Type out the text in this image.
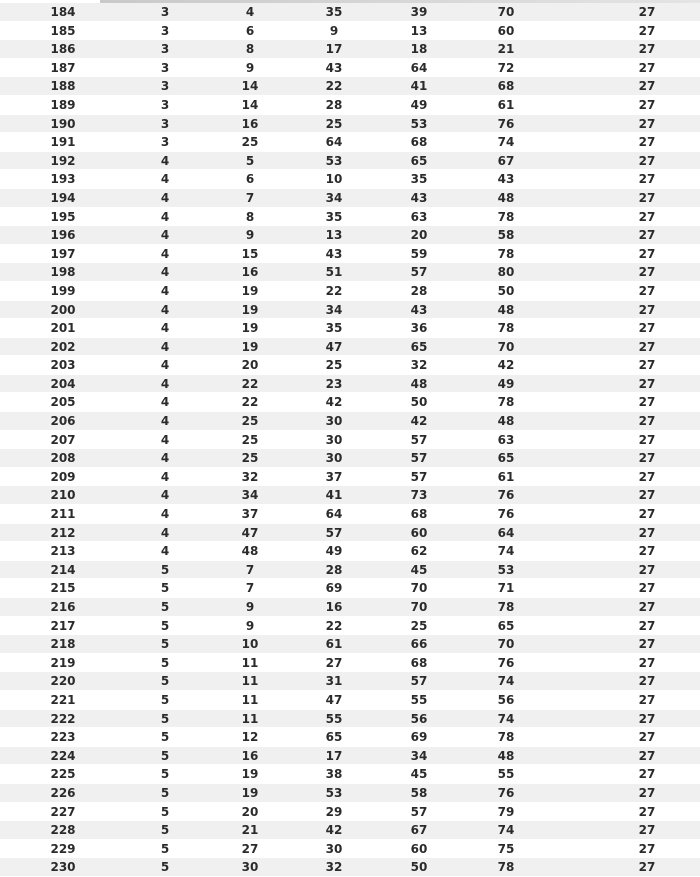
184	3	4	35	39	70	27
185	3	6	9	13	60	27
186	3	8	17	18	21	27
187	3	9	43	64	72	27
188	3	14	22	41	68	27
189	3	14	28	49	61	27
190	3	16	25	53	76	27
191	3	25	64	68	74	27
192	4	5	53	65	67	27
193	4	6	10	35	43	27
194	4	7	34	43	48	27
195	4	8	35	63	78	27
196	4	9	13	20	58	27
197	4	15	43	59	78	27
198	4	16	51	57	80	27
199	4	19	22	28	50	27
200	4	19	34	43	48	27
201	4	19	35	36	78	27
202	4	19	47	65	70	27
203	4	20	25	32	42	27
204	4	22	23	48	49	27
205	4	22	42	50	78	27
206	4	25	30	42	48	27
207	4	25	30	57	63	27
208	4	25	30	57	65	27
209	4	32	37	57	61	27
210	4	34	41	73	76	27
211	4	37	64	68	76	27
212	4	47	57	60	64	27
213	4	48	49	62	74	27
214	5	7	28	45	53	27
215	5	7	69	70	71	27
216	5	9	16	70	78	27
217	5	9	22	25	65	27
218	5	10	61	66	70	27
219	5	11	27	68	76	27
220	5	11	31	57	74	27
221	5	11	47	55	56	27
222	5	11	55	56	74	27
223	5	12	65	69	78	27
224	5	16	17	34	48	27
225	5	19	38	45	55	27
226	5	19	53	58	76	27
227	5	20	29	57	79	27
228	5	21	42	67	74	27
229	5	27	30	60	75	27
230	5	30	32	50	78	27
